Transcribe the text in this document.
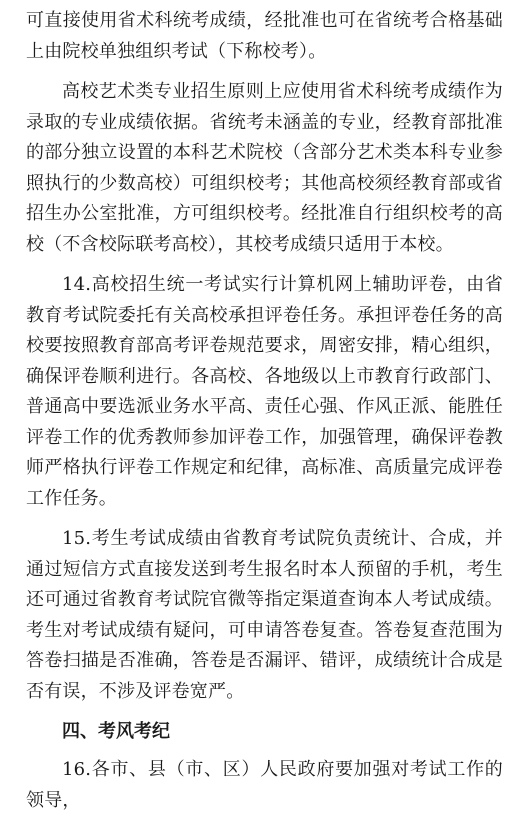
可直接使用省术科统考成绩，经批准也可在省统考合格基础上由院校单独组织考试（下称校考）。

高校艺术类专业招生原则上应使用省术科统考成绩作为录取的专业成绩依据。省统考未涵盖的专业，经教育部批准的部分独立设置的本科艺术院校（含部分艺术类本科专业参照执行的少数高校）可组织校考；其他高校须经教育部或省招生办公室批准，方可组织校考。经批准自行组织校考的高校（不含校际联考高校），其校考成绩只适用于本校。

14.高校招生统一考试实行计算机网上辅助评卷，由省教育考试院委托有关高校承担评卷任务。承担评卷任务的高校要按照教育部高考评卷规范要求，周密安排，精心组织，确保评卷顺利进行。各高校、各地级以上市教育行政部门、普通高中要选派业务水平高、责任心强、作风正派、能胜任评卷工作的优秀教师参加评卷工作，加强管理，确保评卷教师严格执行评卷工作规定和纪律，高标准、高质量完成评卷工作任务。

15.考生考试成绩由省教育考试院负责统计、合成，并通过短信方式直接发送到考生报名时本人预留的手机，考生还可通过省教育考试院官微等指定渠道查询本人考试成绩。考生对考试成绩有疑问，可申请答卷复查。答卷复查范围为答卷扫描是否准确，答卷是否漏评、错评，成绩统计合成是否有误，不涉及评卷宽严。

四、考风考纪

16.各市、县（市、区）人民政府要加强对考试工作的领导，
